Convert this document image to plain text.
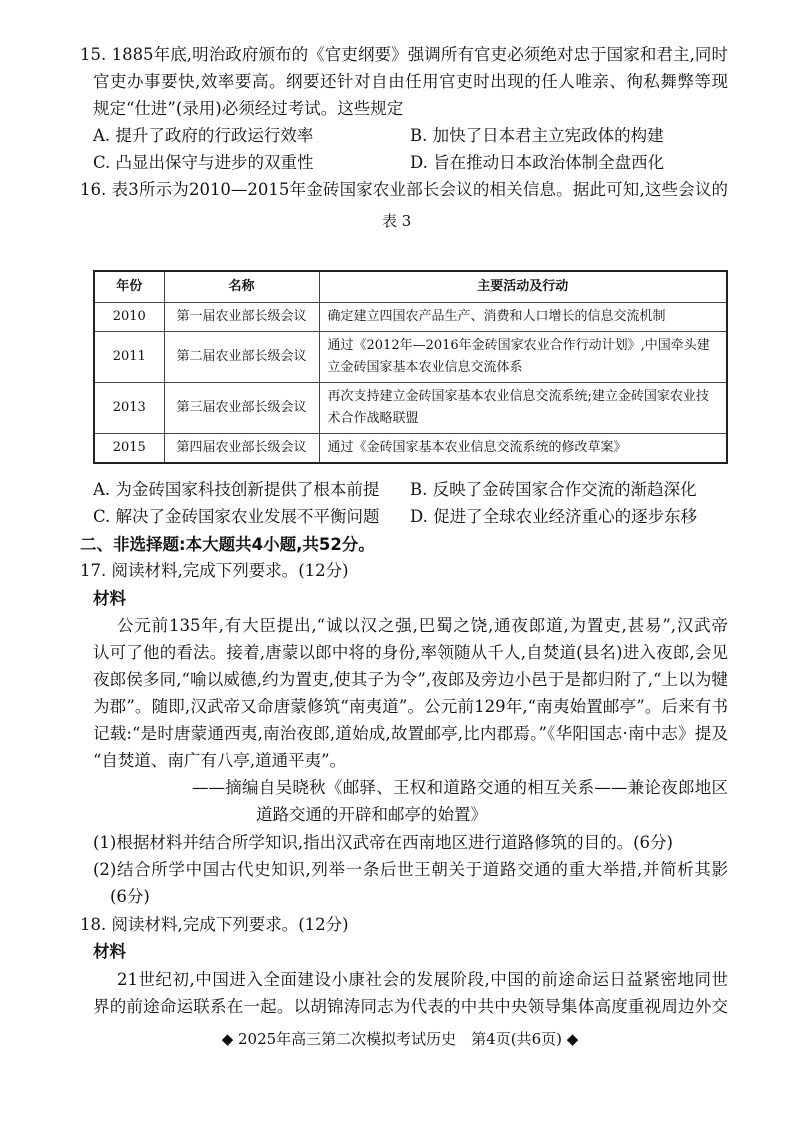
15. 1885年底,明治政府颁布的《官吏纲要》强调所有官吏必须绝对忠于国家和君主,同时
官吏办事要快,效率要高。纲要还针对自由任用官吏时出现的任人唯亲、徇私舞弊等现
规定“仕进”(录用)必须经过考试。这些规定
A. 提升了政府的行政运行效率	B. 加快了日本君主立宪政体的构建
C. 凸显出保守与进步的双重性	D. 旨在推动日本政治体制全盘西化
16. 表3所示为2010—2015年金砖国家农业部长会议的相关信息。据此可知,这些会议的
表 3
年份	名称	主要活动及行动
2010	第一届农业部长级会议	确定建立四国农产品生产、消费和人口增长的信息交流机制
2011	第二届农业部长级会议	通过《2012年—2016年金砖国家农业合作行动计划》,中国牵头建立金砖国家基本农业信息交流体系
2013	第三届农业部长级会议	再次支持建立金砖国家基本农业信息交流系统;建立金砖国家农业技术合作战略联盟
2015	第四届农业部长级会议	通过《金砖国家基本农业信息交流系统的修改草案》
A. 为金砖国家科技创新提供了根本前提 B. 反映了金砖国家合作交流的渐趋深化
C. 解决了金砖国家农业发展不平衡问题 D. 促进了全球农业经济重心的逐步东移
二、非选择题:本大题共4小题,共52分。
17. 阅读材料,完成下列要求。(12分)
材料
公元前135年,有大臣提出,“诚以汉之强,巴蜀之饶,通夜郎道,为置吏,甚易”,汉武帝
认可了他的看法。接着,唐蒙以郎中将的身份,率领随从千人,自焚道(县名)进入夜郎,会见
夜郎侯多同,“喻以威德,约为置吏,使其子为令”,夜郎及旁边小邑于是都归附了,“上以为犍
为郡”。随即,汉武帝又命唐蒙修筑“南夷道”。公元前129年,“南夷始置邮亭”。后来有书
记载:“是时唐蒙通西夷,南治夜郎,道始成,故置邮亭,比内郡焉。”《华阳国志·南中志》提及
“自焚道、南广有八亭,道通平夷”。
——摘编自吴晓秋《邮驿、王权和道路交通的相互关系——兼论夜郎地区
道路交通的开辟和邮亭的始置》
(1)根据材料并结合所学知识,指出汉武帝在西南地区进行道路修筑的目的。(6分)
(2)结合所学中国古代史知识,列举一条后世王朝关于道路交通的重大举措,并简析其影
(6分)
18. 阅读材料,完成下列要求。(12分)
材料
21世纪初,中国进入全面建设小康社会的发展阶段,中国的前途命运日益紧密地同世
界的前途命运联系在一起。以胡锦涛同志为代表的中共中央领导集体高度重视周边外交
◆ 2025年高三第二次模拟考试历史　第4页(共6页) ◆
